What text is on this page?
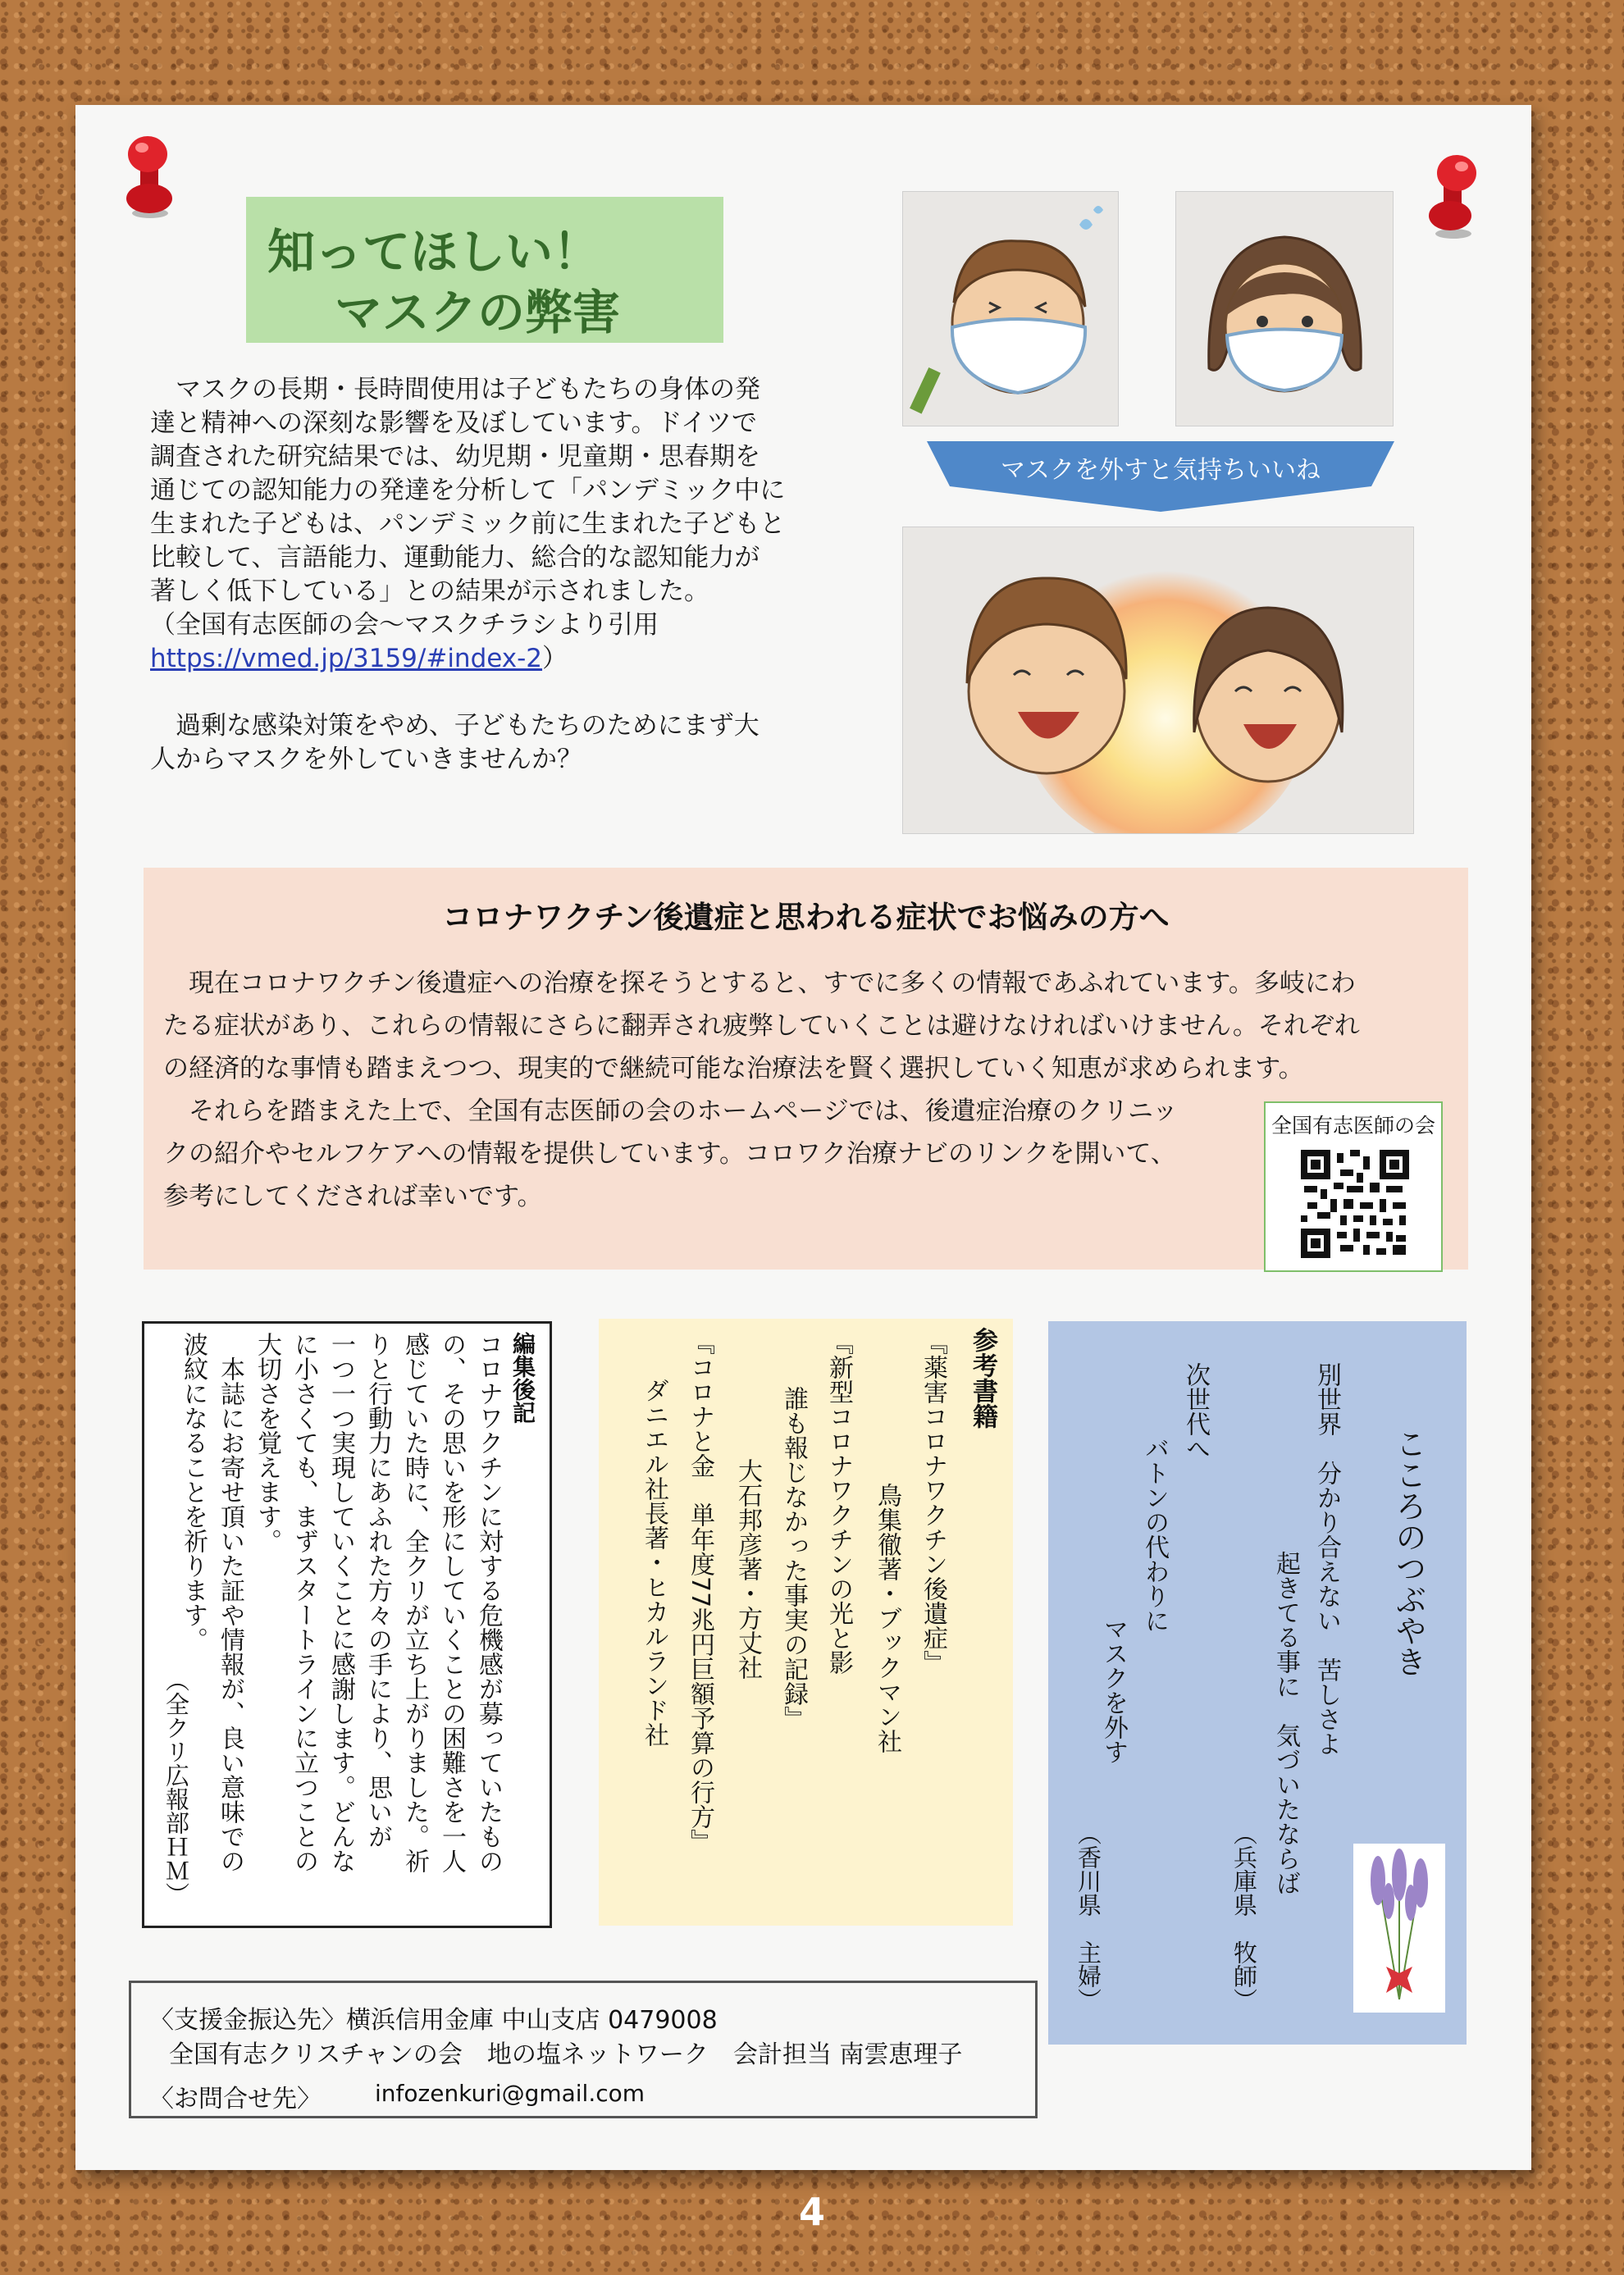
知ってほしい！
マスクの弊害
　マスクの長期・長時間使用は子どもたちの身体の発
達と精神への深刻な影響を及ぼしています。ドイツで
調査された研究結果では、幼児期・児童期・思春期を
通じての認知能力の発達を分析して「パンデミック中に
生まれた子どもは、パンデミック前に生まれた子どもと
比較して、言語能力、運動能力、総合的な認知能力が
著しく低下している」との結果が示されました。
（全国有志医師の会～マスクチラシより引用
https://vmed.jp/3159/#index-2）
　過剰な感染対策をやめ、子どもたちのためにまず大
人からマスクを外していきませんか？
マスクを外すと気持ちいいね
コロナワクチン後遺症と思われる症状でお悩みの方へ
　現在コロナワクチン後遺症への治療を探そうとすると、すでに多くの情報であふれています。多岐にわ
たる症状があり、これらの情報にさらに翻弄され疲弊していくことは避けなければいけません。それぞれ
の経済的な事情も踏まえつつ、現実的で継続可能な治療法を賢く選択していく知恵が求められます。
　それらを踏まえた上で、全国有志医師の会のホームページでは、後遺症治療のクリニッ
クの紹介やセルフケアへの情報を提供しています。コロワク治療ナビのリンクを開いて、
参考にしてくだされば幸いです。
全国有志医師の会
編集後記
コロナワクチンに対する危機感が募っていたもの
の、その思いを形にしていくことの困難さを一人
感じていた時に、全クリが立ち上がりました。祈
りと行動力にあふれた方々の手により、思いが
一つ一つ実現していくことに感謝します。どんな
に小さくても、まずスタートラインに立つことの
大切さを覚えます。
　本誌にお寄せ頂いた証や情報が、良い意味での
波紋になることを祈ります。
（全クリ広報部ＨＭ）
参考書籍
『薬害コロナワクチン後遺症』
鳥集徹著・ブックマン社
『新型コロナワクチンの光と影
誰も報じなかった事実の記録』
大石邦彦著・方丈社
『コロナと金　単年度77兆円巨額予算の行方』
ダニエル社長著・ヒカルランド社	こころのつぶやき
別世界　分かり合えない　苦しさよ
起きてる事に　気づいたならば
（兵庫県　牧師）
次世代へ
バトンの代わりに
マスクを外す
（香川県　主婦）
〈支援金振込先〉横浜信用金庫 中山支店 0479008
全国有志クリスチャンの会　地の塩ネットワーク　会計担当 南雲恵理子
〈お問合せ先〉 infozenkuri@gmail.com
4
